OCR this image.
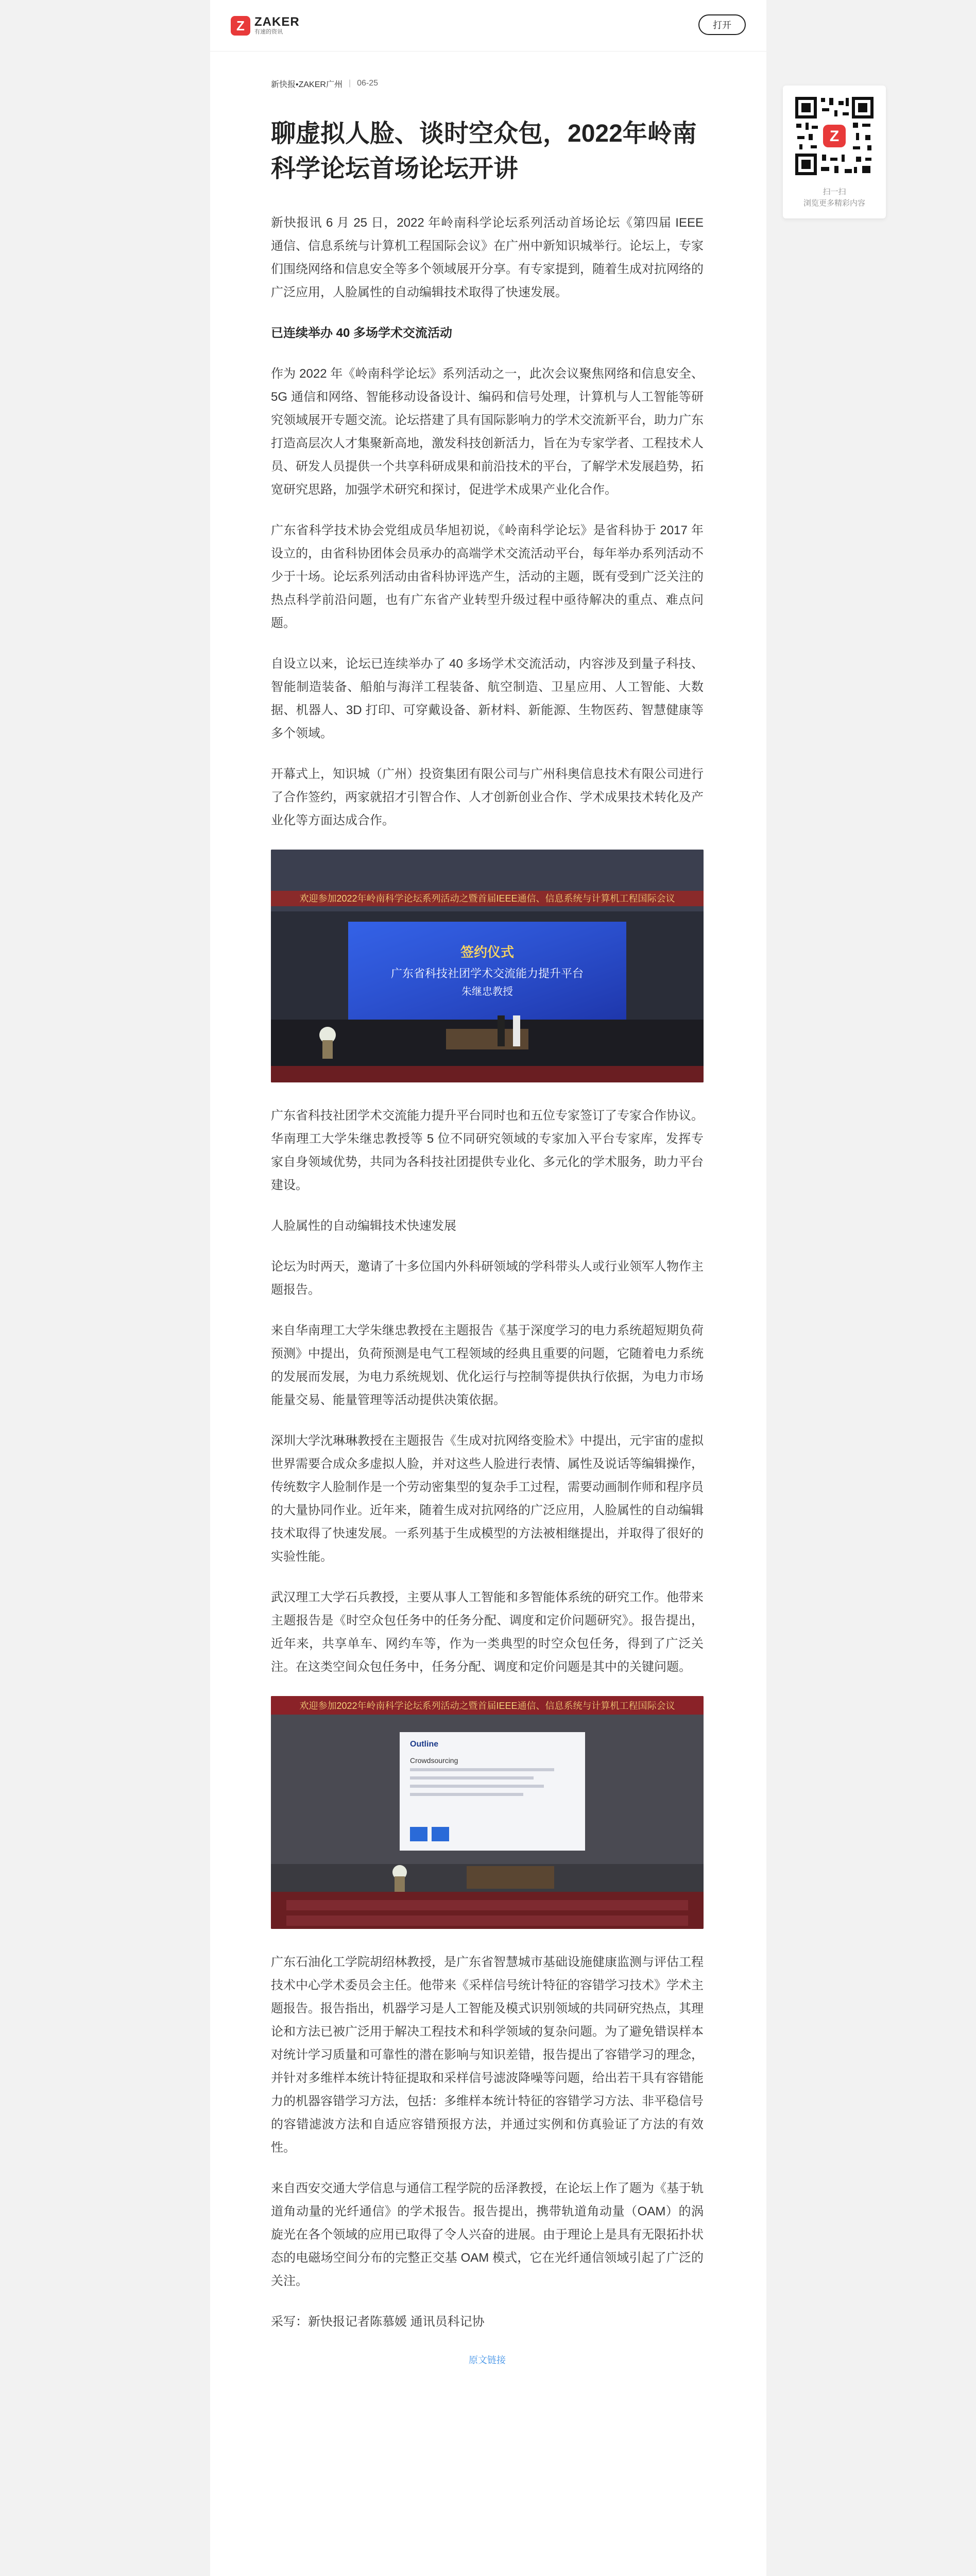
Z ZAKER
有速的资讯
打开
新快报•ZAKER广州 | 06-25
聊虚拟人脸、谈时空众包，2022年岭南科学论坛首场论坛开讲
新快报讯 6 月 25 日，2022 年岭南科学论坛系列活动首场论坛《第四届 IEEE 通信、信息系统与计算机工程国际会议》在广州中新知识城举行。论坛上，专家们围绕网络和信息安全等多个领域展开分享。有专家提到，随着生成对抗网络的广泛应用，人脸属性的自动编辑技术取得了快速发展。
已连续举办 40 多场学术交流活动
作为 2022 年《岭南科学论坛》系列活动之一，此次会议聚焦网络和信息安全、5G 通信和网络、智能移动设备设计、编码和信号处理，计算机与人工智能等研究领域展开专题交流。论坛搭建了具有国际影响力的学术交流新平台，助力广东打造高层次人才集聚新高地，激发科技创新活力，旨在为专家学者、工程技术人员、研发人员提供一个共享科研成果和前沿技术的平台，了解学术发展趋势，拓宽研究思路，加强学术研究和探讨，促进学术成果产业化合作。
广东省科学技术协会党组成员华旭初说，《岭南科学论坛》是省科协于 2017 年设立的，由省科协团体会员承办的高端学术交流活动平台，每年举办系列活动不少于十场。论坛系列活动由省科协评选产生，活动的主题，既有受到广泛关注的热点科学前沿问题，也有广东省产业转型升级过程中亟待解决的重点、难点问题。
自设立以来，论坛已连续举办了 40 多场学术交流活动，内容涉及到量子科技、智能制造装备、船舶与海洋工程装备、航空制造、卫星应用、人工智能、大数据、机器人、3D 打印、可穿戴设备、新材料、新能源、生物医药、智慧健康等多个领域。
开幕式上，知识城（广州）投资集团有限公司与广州科奥信息技术有限公司进行了合作签约，两家就招才引智合作、人才创新创业合作、学术成果技术转化及产业化等方面达成合作。
欢迎参加2022年岭南科学论坛系列活动之暨首届IEEE通信、信息系统与计算机工程国际会议
签约仪式
广东省科技社团学术交流能力提升平台
朱继忠教授
广东省科技社团学术交流能力提升平台同时也和五位专家签订了专家合作协议。华南理工大学朱继忠教授等 5 位不同研究领域的专家加入平台专家库，发挥专家自身领域优势，共同为各科技社团提供专业化、多元化的学术服务，助力平台建设。
人脸属性的自动编辑技术快速发展
论坛为时两天，邀请了十多位国内外科研领域的学科带头人或行业领军人物作主题报告。
来自华南理工大学朱继忠教授在主题报告《基于深度学习的电力系统超短期负荷预测》中提出，负荷预测是电气工程领域的经典且重要的问题，它随着电力系统的发展而发展，为电力系统规划、优化运行与控制等提供执行依据，为电力市场能量交易、能量管理等活动提供决策依据。
深圳大学沈琳琳教授在主题报告《生成对抗网络变脸术》中提出，元宇宙的虚拟世界需要合成众多虚拟人脸，并对这些人脸进行表情、属性及说话等编辑操作，传统数字人脸制作是一个劳动密集型的复杂手工过程，需要动画制作师和程序员的大量协同作业。近年来，随着生成对抗网络的广泛应用，人脸属性的自动编辑技术取得了快速发展。一系列基于生成模型的方法被相继提出，并取得了很好的实验性能。
武汉理工大学石兵教授，主要从事人工智能和多智能体系统的研究工作。他带来主题报告是《时空众包任务中的任务分配、调度和定价问题研究》。报告提出，近年来，共享单车、网约车等，作为一类典型的时空众包任务，得到了广泛关注。在这类空间众包任务中，任务分配、调度和定价问题是其中的关键问题。
欢迎参加2022年岭南科学论坛系列活动之暨首届IEEE通信、信息系统与计算机工程国际会议
Outline
Crowdsourcing
广东石油化工学院胡绍林教授，是广东省智慧城市基础设施健康监测与评估工程技术中心学术委员会主任。他带来《采样信号统计特征的容错学习技术》学术主题报告。报告指出，机器学习是人工智能及模式识别领域的共同研究热点，其理论和方法已被广泛用于解决工程技术和科学领域的复杂问题。为了避免错误样本对统计学习质量和可靠性的潜在影响与知识差错，报告提出了容错学习的理念，并针对多维样本统计特征提取和采样信号滤波降噪等问题，给出若干具有容错能力的机器容错学习方法，包括：多维样本统计特征的容错学习方法、非平稳信号的容错滤波方法和自适应容错预报方法，并通过实例和仿真验证了方法的有效性。
来自西安交通大学信息与通信工程学院的岳泽教授，在论坛上作了题为《基于轨道角动量的光纤通信》的学术报告。报告提出，携带轨道角动量（OAM）的涡旋光在各个领域的应用已取得了令人兴奋的进展。由于理论上是具有无限拓扑状态的电磁场空间分布的完整正交基 OAM 模式，它在光纤通信领域引起了广泛的关注。
采写：新快报记者陈慕媛 通讯员科记协
原文链接
Z
扫一扫
浏览更多精彩内容
